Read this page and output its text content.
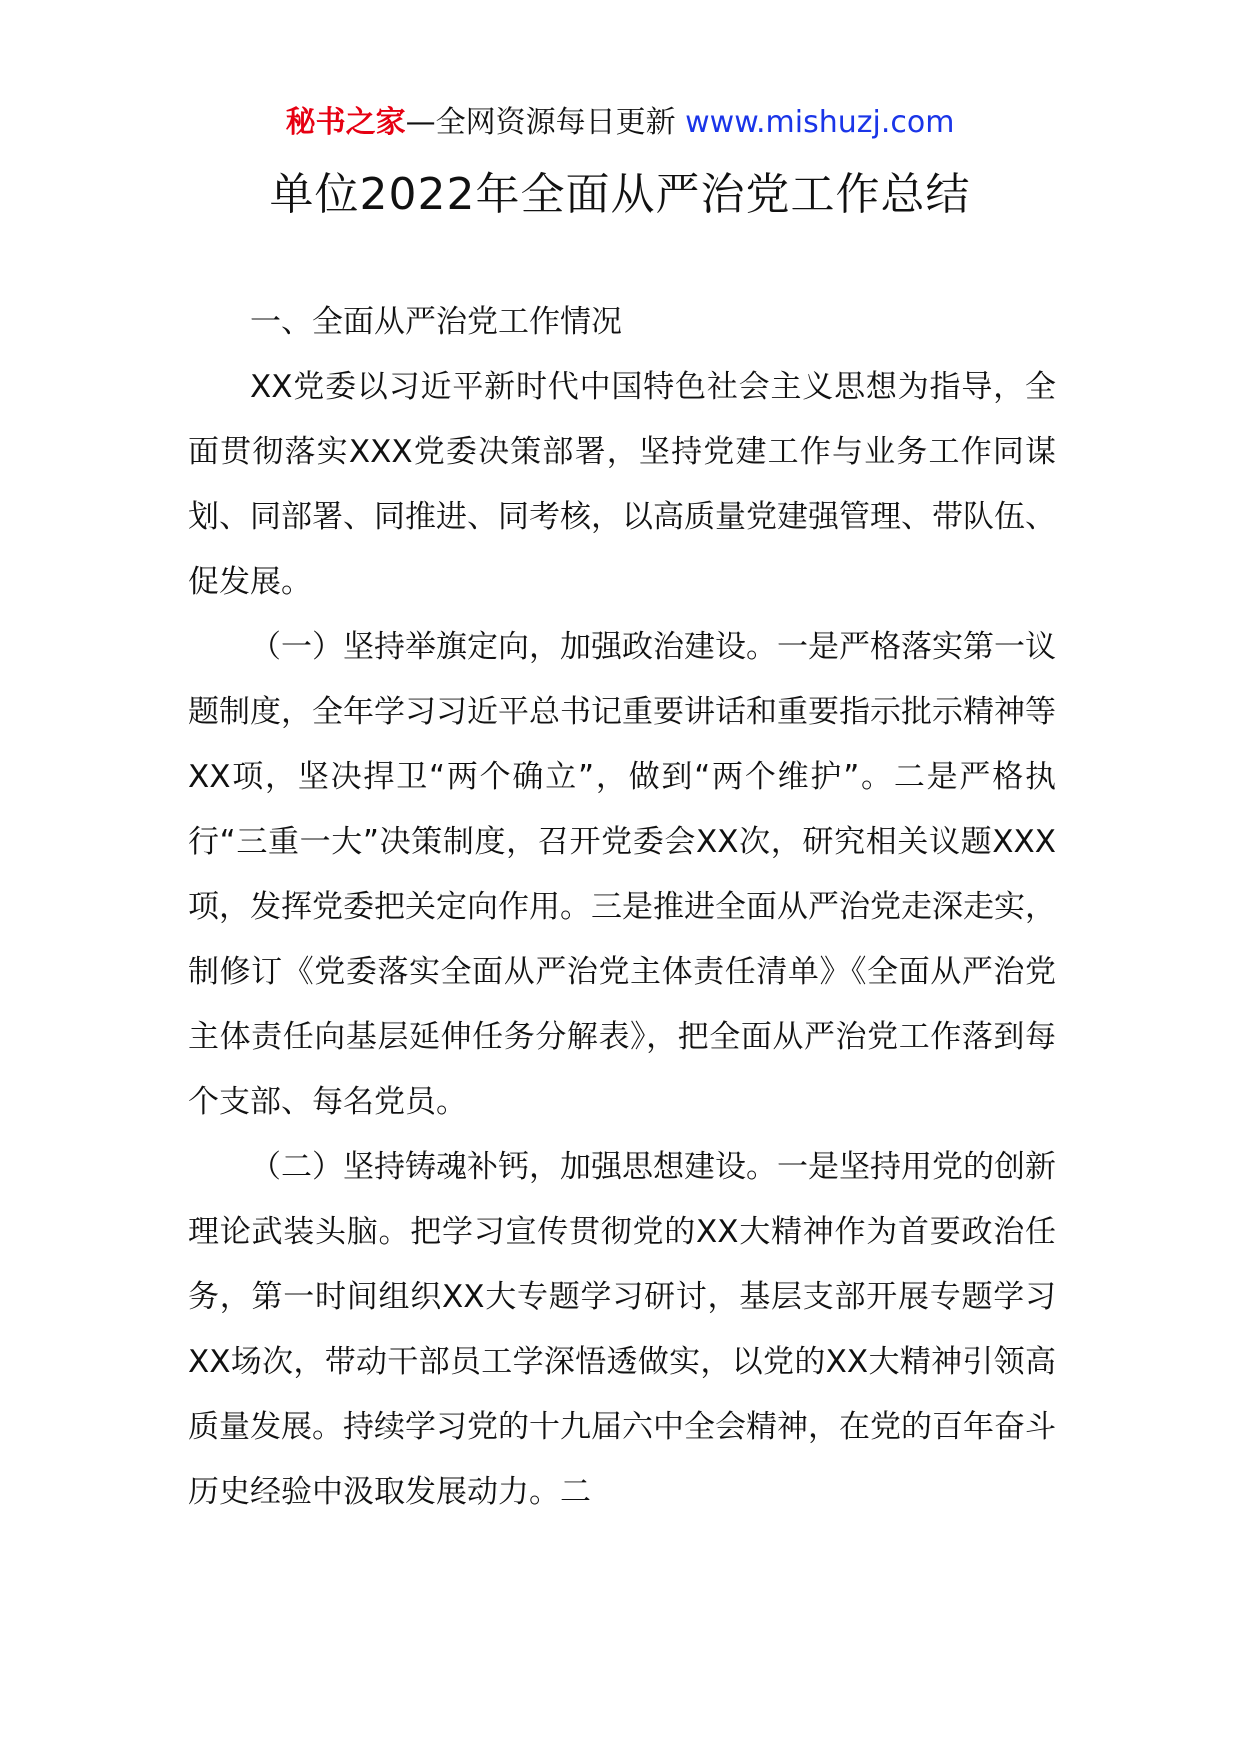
秘书之家—全网资源每日更新 www.mishuzj.com
单位2022年全面从严治党工作总结

一、全面从严治党工作情况

XX党委以习近平新时代中国特色社会主义思想为指导，全面贯彻落实XXX党委决策部署，坚持党建工作与业务工作同谋划、同部署、同推进、同考核，以高质量党建强管理、带队伍、促发展。

（一）坚持举旗定向，加强政治建设。一是严格落实第一议题制度，全年学习习近平总书记重要讲话和重要指示批示精神等XX项，坚决捍卫“两个确立”，做到“两个维护”。二是严格执行“三重一大”决策制度，召开党委会XX次，研究相关议题XXX项，发挥党委把关定向作用。三是推进全面从严治党走深走实，制修订《党委落实全面从严治党主体责任清单》《全面从严治党主体责任向基层延伸任务分解表》，把全面从严治党工作落到每个支部、每名党员。

（二）坚持铸魂补钙，加强思想建设。一是坚持用党的创新理论武装头脑。把学习宣传贯彻党的XX大精神作为首要政治任务，第一时间组织XX大专题学习研讨，基层支部开展专题学习XX场次，带动干部员工学深悟透做实，以党的XX大精神引领高质量发展。持续学习党的十九届六中全会精神，在党的百年奋斗历史经验中汲取发展动力。二
